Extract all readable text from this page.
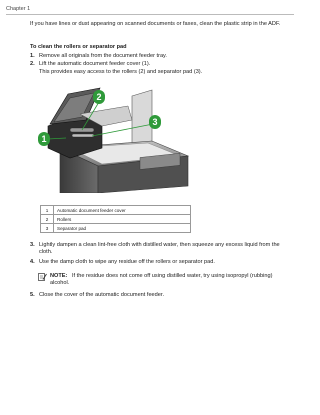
Chapter 1
If you have lines or dust appearing on scanned documents or faxes, clean the plastic strip in the ADF.
To clean the rollers or separator pad
1. Remove all originals from the document feeder tray.
2. Lift the automatic document feeder cover (1).
This provides easy access to the rollers (2) and separator pad (3).
1
2
3
1	Automatic document feeder cover
2	Rollers
3	Separator pad
3. Lightly dampen a clean lint-free cloth with distilled water, then squeeze any excess liquid from the cloth.
4. Use the damp cloth to wipe any residue off the rollers or separator pad.
NOTE: If the residue does not come off using distilled water, try using isopropyl (rubbing) alcohol.
5. Close the cover of the automatic document feeder.
